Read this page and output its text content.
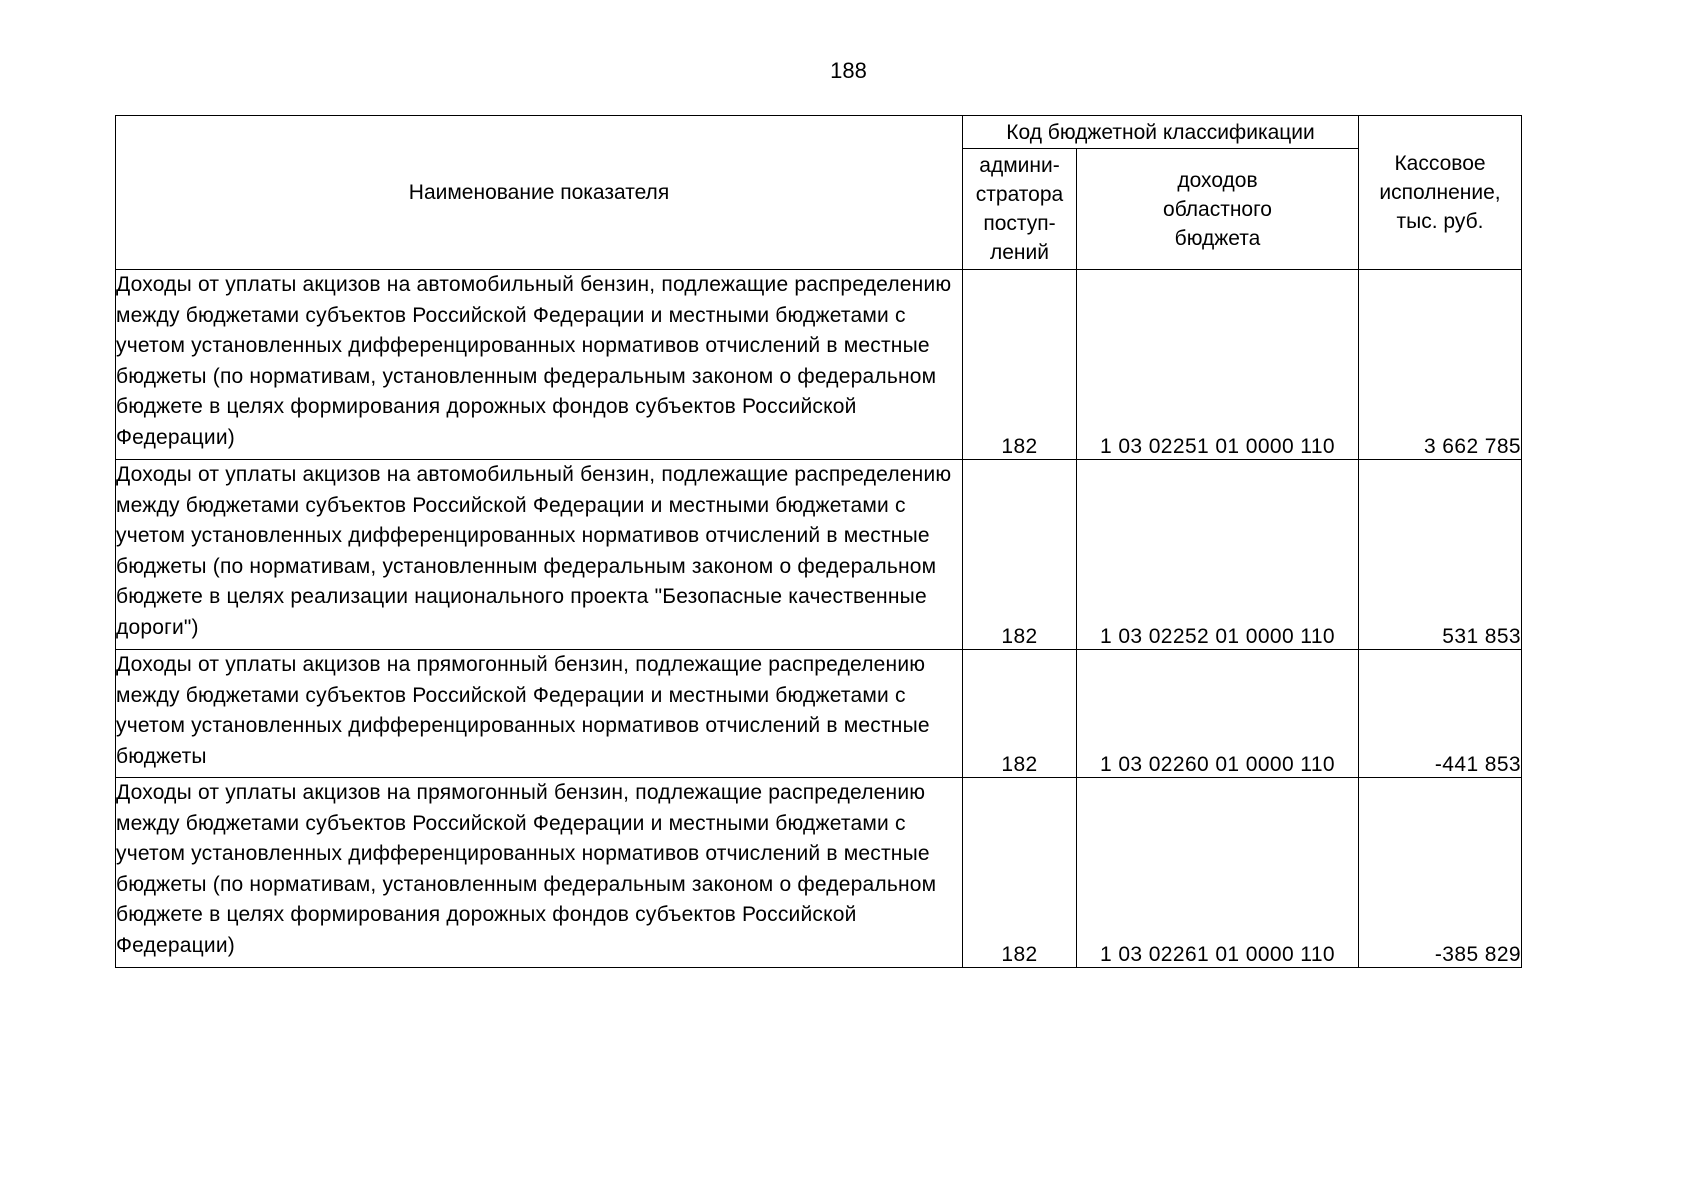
188
Наименование показателя	Код бюджетной классификации		Кассовое исполнение, тыс. руб.
	админи-стратора поступ-лений	доходов областного бюджета	
Доходы от уплаты акцизов на автомобильный бензин, подлежащие распределению между бюджетами субъектов Российской Федерации и местными бюджетами с учетом установленных дифференцированных нормативов отчислений в местные бюджеты (по нормативам, установленным федеральным законом о федеральном бюджете в целях формирования дорожных фондов субъектов Российской Федерации)	182	1 03 02251 01 0000 110	3 662 785
Доходы от уплаты акцизов на автомобильный бензин, подлежащие распределению между бюджетами субъектов Российской Федерации и местными бюджетами с учетом установленных дифференцированных нормативов отчислений в местные бюджеты (по нормативам, установленным федеральным законом о федеральном бюджете в целях реализации национального проекта "Безопасные качественные дороги")	182	1 03 02252 01 0000 110	531 853
Доходы от уплаты акцизов на прямогонный бензин, подлежащие распределению между бюджетами субъектов Российской Федерации и местными бюджетами с учетом установленных дифференцированных нормативов отчислений в местные бюджеты	182	1 03 02260 01 0000 110	-441 853
Доходы от уплаты акцизов на прямогонный бензин, подлежащие распределению между бюджетами субъектов Российской Федерации и местными бюджетами с учетом установленных дифференцированных нормативов отчислений в местные бюджеты (по нормативам, установленным федеральным законом о федеральном бюджете в целях формирования дорожных фондов субъектов Российской Федерации)	182	1 03 02261 01 0000 110	-385 829
